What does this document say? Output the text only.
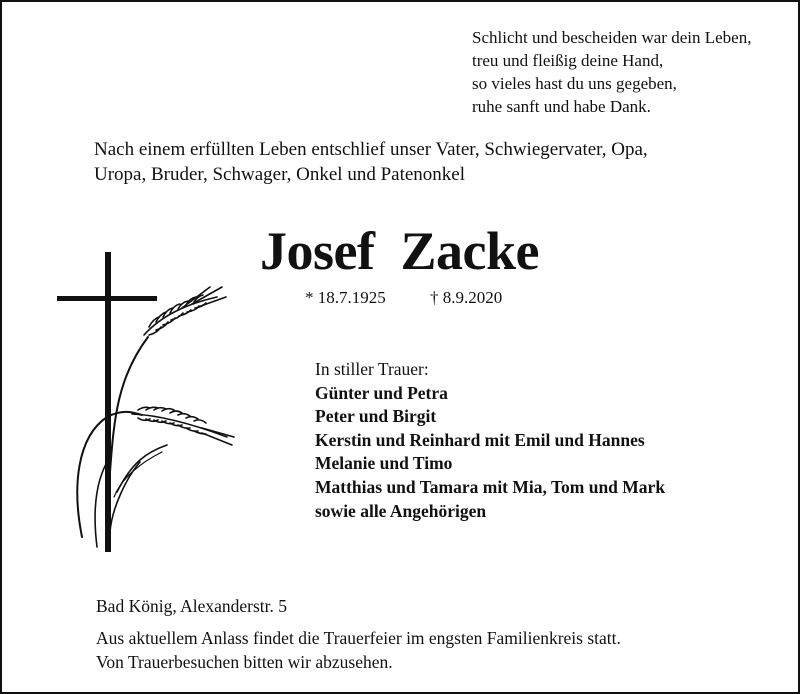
Schlicht und bescheiden war dein Leben,
treu und fleißig deine Hand,
so vieles hast du uns gegeben,
ruhe sanft und habe Dank.
Nach einem erfüllten Leben entschlief unser Vater, Schwiegervater, Opa,
Uropa, Bruder, Schwager, Onkel und Patenonkel
Josef  Zacke
* 18.7.1925	† 8.9.2020
In stiller Trauer:
Günter und Petra
Peter und Birgit
Kerstin und Reinhard mit Emil und Hannes
Melanie und Timo
Matthias und Tamara mit Mia, Tom und Mark
sowie alle Angehörigen
Bad König, Alexanderstr. 5
Aus aktuellem Anlass findet die Trauerfeier im engsten Familienkreis statt.
Von Trauerbesuchen bitten wir abzusehen.
